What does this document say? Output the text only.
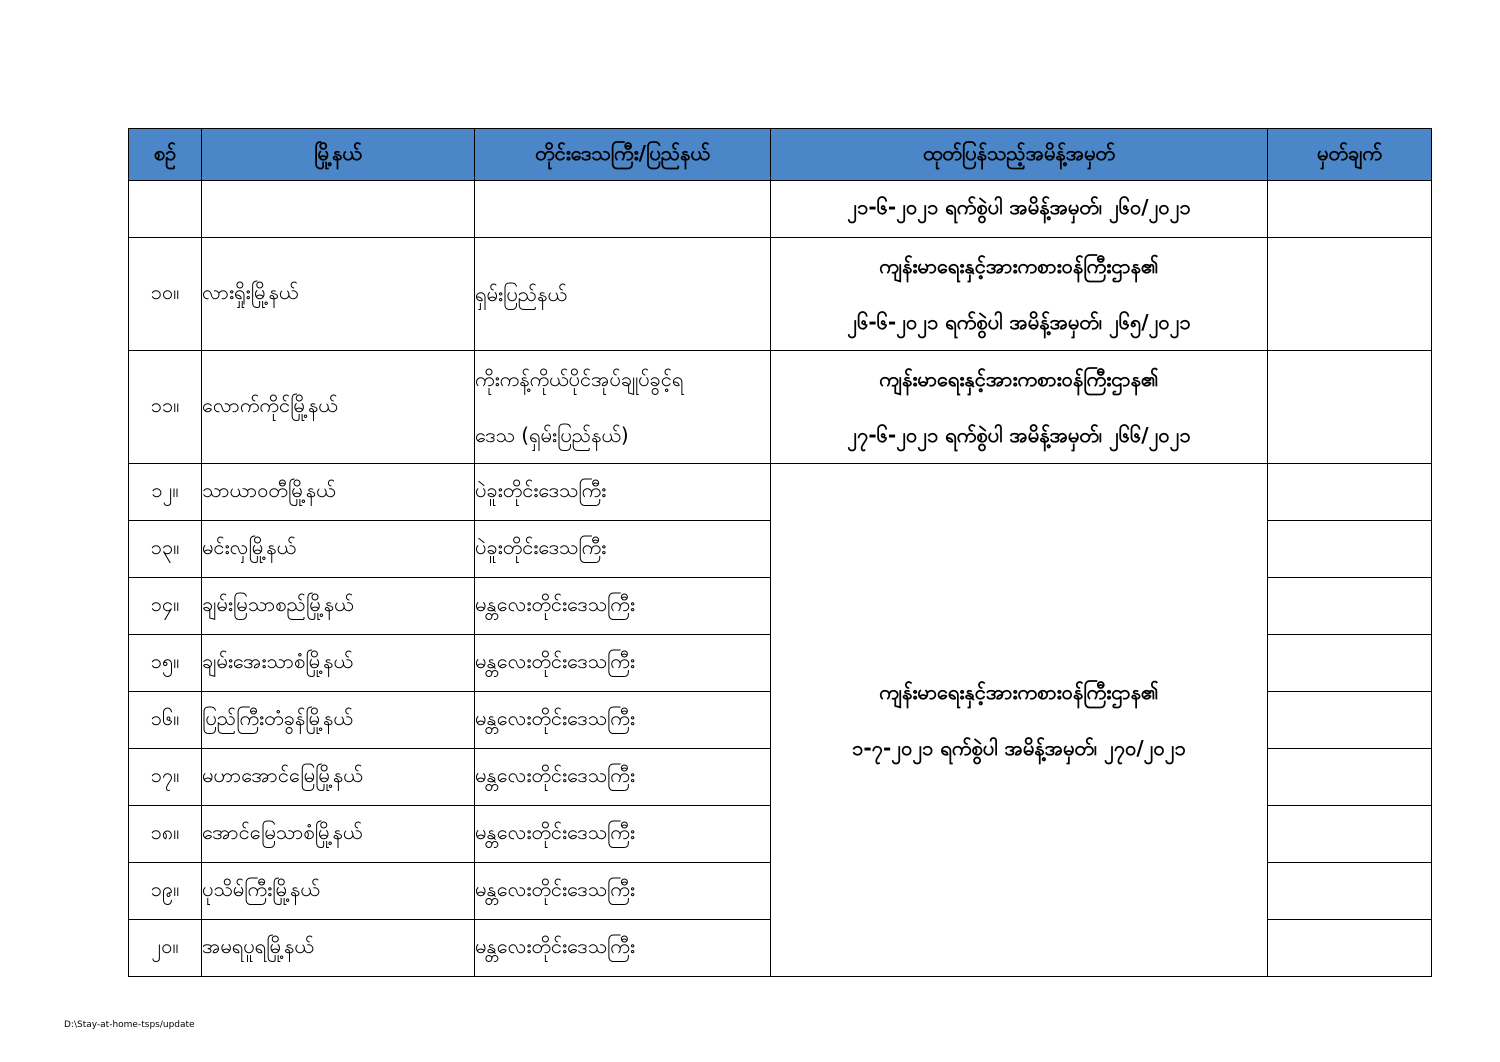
စဉ်	မြို့နယ်	တိုင်းဒေသကြီး/ပြည်နယ်	ထုတ်ပြန်သည့်အမိန့်အမှတ်	မှတ်ချက်
			၂၁-၆-၂၀၂၁ ရက်စွဲပါ အမိန့်အမှတ်၊ ၂၆၀/၂၀၂၁	
၁၀။	လားရှိုးမြို့နယ်	ရှမ်းပြည်နယ်	ကျန်းမာရေးနှင့်အားကစားဝန်ကြီးဌာန၏
၂၆-၆-၂၀၂၁ ရက်စွဲပါ အမိန့်အမှတ်၊ ၂၆၅/၂၀၂၁	

၁၁။	လောက်ကိုင်မြို့နယ်	ကိုးကန့်ကိုယ်ပိုင်အုပ်ချုပ်ခွင့်ရ
ဒေသ (ရှမ်းပြည်နယ်)	ကျန်းမာရေးနှင့်အားကစားဝန်ကြီးဌာန၏
၂၇-၆-၂၀၂၁ ရက်စွဲပါ အမိန့်အမှတ်၊ ၂၆၆/၂၀၂၁	

၁၂။	သာယာဝတီမြို့နယ်	ပဲခူးတိုင်းဒေသကြီး	ကျန်းမာရေးနှင့်အားကစားဝန်ကြီးဌာန၏
၁-၇-၂၀၂၁ ရက်စွဲပါ အမိန့်အမှတ်၊ ၂၇၀/၂၀၂၁	

၁၃။	မင်းလှမြို့နယ်	ပဲခူးတိုင်းဒေသကြီး		
၁၄။	ချမ်းမြသာစည်မြို့နယ်	မန္တလေးတိုင်းဒေသကြီး		
၁၅။	ချမ်းအေးသာစံမြို့နယ်	မန္တလေးတိုင်းဒေသကြီး		
၁၆။	ပြည်ကြီးတံခွန်မြို့နယ်	မန္တလေးတိုင်းဒေသကြီး		
၁၇။	မဟာအောင်မြေမြို့နယ်	မန္တလေးတိုင်းဒေသကြီး		
၁၈။	အောင်မြေသာစံမြို့နယ်	မန္တလေးတိုင်းဒေသကြီး		
၁၉။	ပုသိမ်ကြီးမြို့နယ်	မန္တလေးတိုင်းဒေသကြီး		
၂၀။	အမရပူရမြို့နယ်	မန္တလေးတိုင်းဒေသကြီး		
D:\Stay-at-home-tsps/update
